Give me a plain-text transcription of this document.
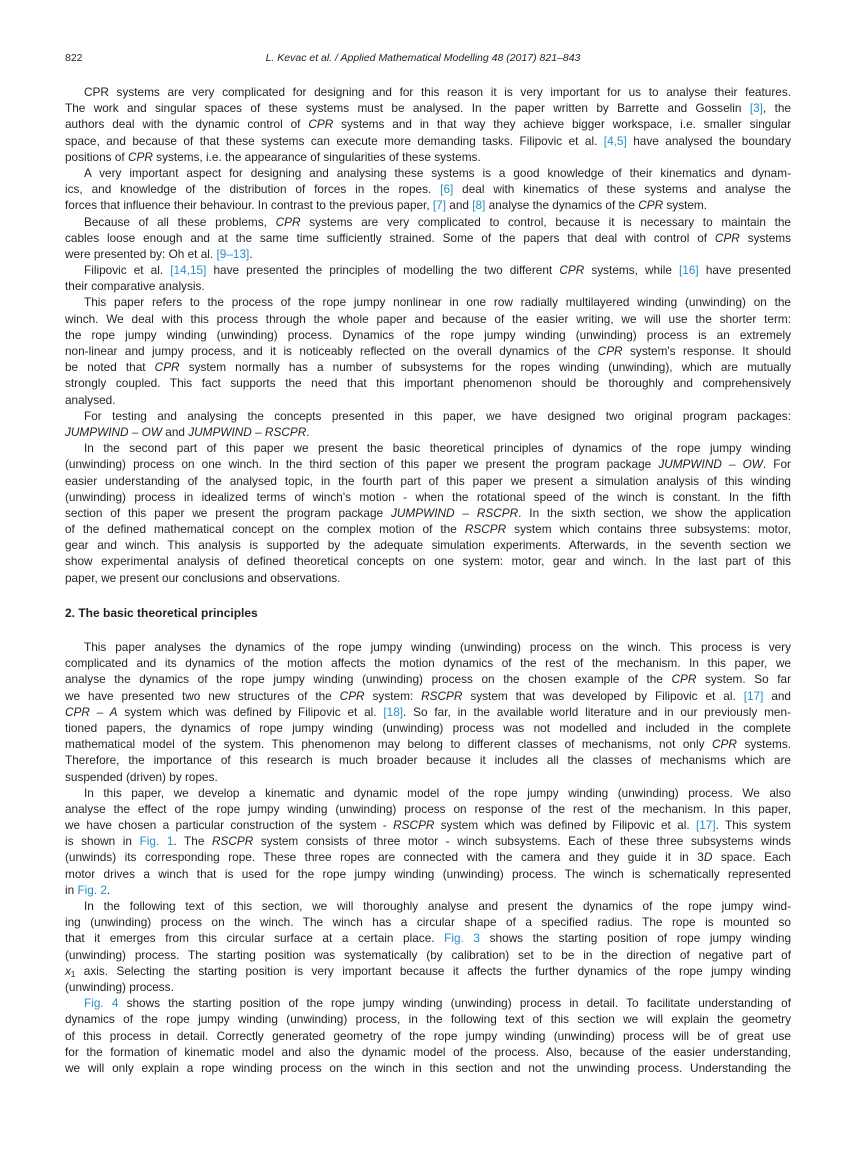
822	L. Kevac et al. / Applied Mathematical Modelling 48 (2017) 821–843
CPR systems are very complicated for designing and for this reason it is very important for us to analyse their features.
The work and singular spaces of these systems must be analysed. In the paper written by Barrette and Gosselin [3], the
authors deal with the dynamic control of CPR systems and in that way they achieve bigger workspace, i.e. smaller singular
space, and because of that these systems can execute more demanding tasks. Filipovic et al. [4,5] have analysed the boundary
positions of CPR systems, i.e. the appearance of singularities of these systems.
A very important aspect for designing and analysing these systems is a good knowledge of their kinematics and dynam-
ics, and knowledge of the distribution of forces in the ropes. [6] deal with kinematics of these systems and analyse the
forces that influence their behaviour. In contrast to the previous paper, [7] and [8] analyse the dynamics of the CPR system.
Because of all these problems, CPR systems are very complicated to control, because it is necessary to maintain the
cables loose enough and at the same time sufficiently strained. Some of the papers that deal with control of CPR systems
were presented by: Oh et al. [9–13].
Filipovic et al. [14,15] have presented the principles of modelling the two different CPR systems, while [16] have presented
their comparative analysis.
This paper refers to the process of the rope jumpy nonlinear in one row radially multilayered winding (unwinding) on the
winch. We deal with this process through the whole paper and because of the easier writing, we will use the shorter term:
the rope jumpy winding (unwinding) process. Dynamics of the rope jumpy winding (unwinding) process is an extremely
non-linear and jumpy process, and it is noticeably reflected on the overall dynamics of the CPR system's response. It should
be noted that CPR system normally has a number of subsystems for the ropes winding (unwinding), which are mutually
strongly coupled. This fact supports the need that this important phenomenon should be thoroughly and comprehensively
analysed.
For testing and analysing the concepts presented in this paper, we have designed two original program packages:
JUMPWIND – OW and JUMPWIND – RSCPR.
In the second part of this paper we present the basic theoretical principles of dynamics of the rope jumpy winding
(unwinding) process on one winch. In the third section of this paper we present the program package JUMPWIND – OW. For
easier understanding of the analysed topic, in the fourth part of this paper we present a simulation analysis of this winding
(unwinding) process in idealized terms of winch's motion - when the rotational speed of the winch is constant. In the fifth
section of this paper we present the program package JUMPWIND – RSCPR. In the sixth section, we show the application
of the defined mathematical concept on the complex motion of the RSCPR system which contains three subsystems: motor,
gear and winch. This analysis is supported by the adequate simulation experiments. Afterwards, in the seventh section we
show experimental analysis of defined theoretical concepts on one system: motor, gear and winch. In the last part of this
paper, we present our conclusions and observations.
2. The basic theoretical principles
This paper analyses the dynamics of the rope jumpy winding (unwinding) process on the winch. This process is very
complicated and its dynamics of the motion affects the motion dynamics of the rest of the mechanism. In this paper, we
analyse the dynamics of the rope jumpy winding (unwinding) process on the chosen example of the CPR system. So far
we have presented two new structures of the CPR system: RSCPR system that was developed by Filipovic et al. [17] and
CPR – A system which was defined by Filipovic et al. [18]. So far, in the available world literature and in our previously men-
tioned papers, the dynamics of rope jumpy winding (unwinding) process was not modelled and included in the complete
mathematical model of the system. This phenomenon may belong to different classes of mechanisms, not only CPR systems.
Therefore, the importance of this research is much broader because it includes all the classes of mechanisms which are
suspended (driven) by ropes.
In this paper, we develop a kinematic and dynamic model of the rope jumpy winding (unwinding) process. We also
analyse the effect of the rope jumpy winding (unwinding) process on response of the rest of the mechanism. In this paper,
we have chosen a particular construction of the system - RSCPR system which was defined by Filipovic et al. [17]. This system
is shown in Fig. 1. The RSCPR system consists of three motor - winch subsystems. Each of these three subsystems winds
(unwinds) its corresponding rope. These three ropes are connected with the camera and they guide it in 3D space. Each
motor drives a winch that is used for the rope jumpy winding (unwinding) process. The winch is schematically represented
in Fig. 2.
In the following text of this section, we will thoroughly analyse and present the dynamics of the rope jumpy wind-
ing (unwinding) process on the winch. The winch has a circular shape of a specified radius. The rope is mounted so
that it emerges from this circular surface at a certain place. Fig. 3 shows the starting position of rope jumpy winding
(unwinding) process. The starting position was systematically (by calibration) set to be in the direction of negative part of
$x_1$ axis. Selecting the starting position is very important because it affects the further dynamics of the rope jumpy winding
(unwinding) process.
Fig. 4 shows the starting position of the rope jumpy winding (unwinding) process in detail. To facilitate understanding of
dynamics of the rope jumpy winding (unwinding) process, in the following text of this section we will explain the geometry
of this process in detail. Correctly generated geometry of the rope jumpy winding (unwinding) process will be of great use
for the formation of kinematic model and also the dynamic model of the process. Also, because of the easier understanding,
we will only explain a rope winding process on the winch in this section and not the unwinding process. Understanding the
